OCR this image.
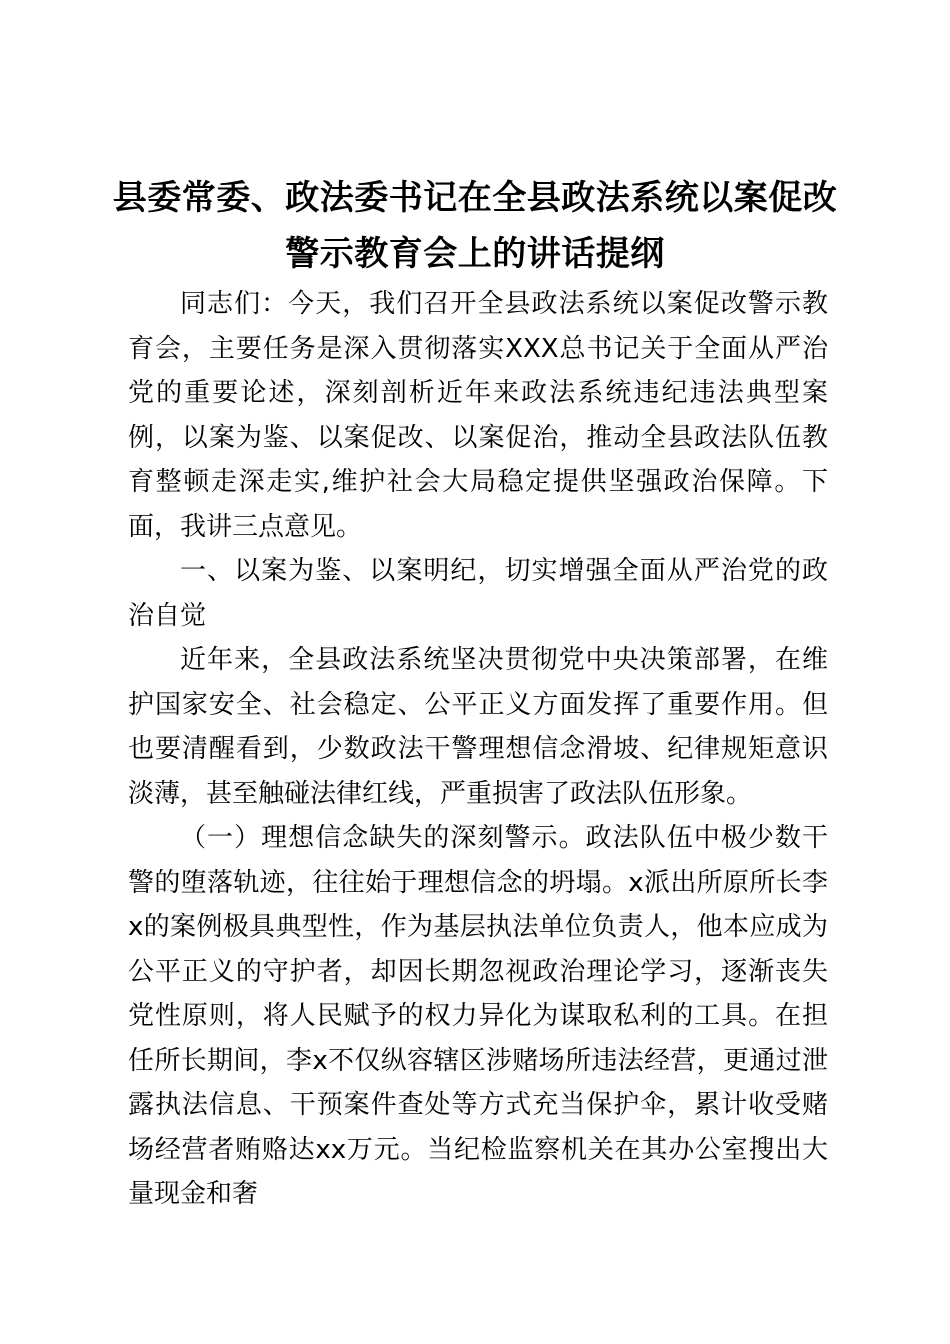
县委常委、政法委书记在全县政法系统以案促改警示教育会上的讲话提纲

同志们：今天，我们召开全县政法系统以案促改警示教育会，主要任务是深入贯彻落实XXX总书记关于全面从严治党的重要论述，深刻剖析近年来政法系统违纪违法典型案例，以案为鉴、以案促改、以案促治，推动全县政法队伍教育整顿走深走实,维护社会大局稳定提供坚强政治保障。下面，我讲三点意见。

一、以案为鉴、以案明纪，切实增强全面从严治党的政治自觉

近年来，全县政法系统坚决贯彻党中央决策部署，在维护国家安全、社会稳定、公平正义方面发挥了重要作用。但也要清醒看到，少数政法干警理想信念滑坡、纪律规矩意识淡薄，甚至触碰法律红线，严重损害了政法队伍形象。

（一）理想信念缺失的深刻警示。政法队伍中极少数干警的堕落轨迹，往往始于理想信念的坍塌。x派出所原所长李x的案例极具典型性，作为基层执法单位负责人，他本应成为公平正义的守护者，却因长期忽视政治理论学习，逐渐丧失党性原则，将人民赋予的权力异化为谋取私利的工具。在担任所长期间，李x不仅纵容辖区涉赌场所违法经营，更通过泄露执法信息、干预案件查处等方式充当保护伞，累计收受赌场经营者贿赂达xx万元。当纪检监察机关在其办公室搜出大量现金和奢
